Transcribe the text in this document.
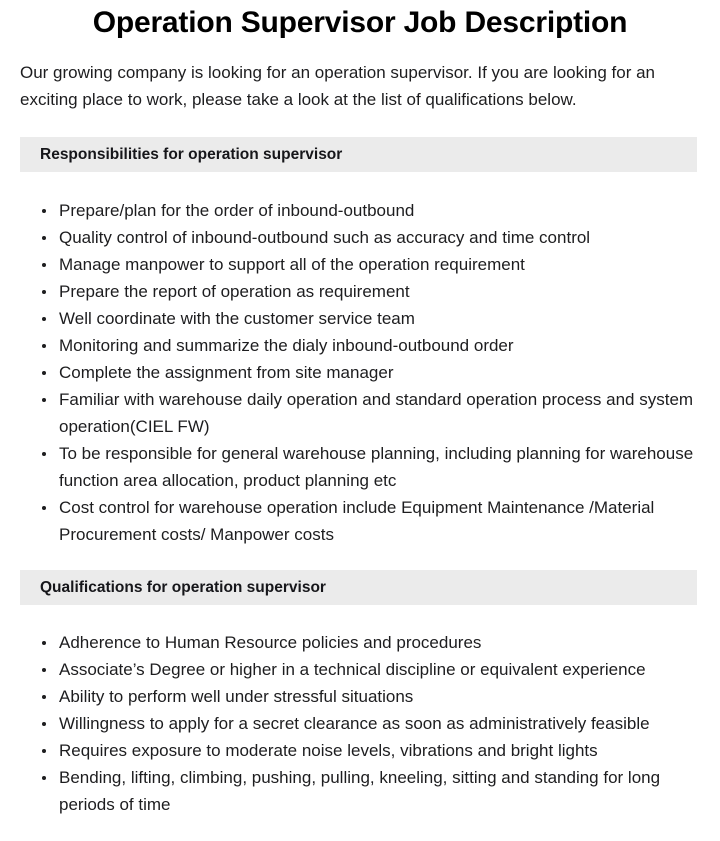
Operation Supervisor Job Description

Our growing company is looking for an operation supervisor. If you are looking for an exciting place to work, please take a look at the list of qualifications below.

Responsibilities for operation supervisor
Prepare/plan for the order of inbound-outbound
Quality control of inbound-outbound such as accuracy and time control
Manage manpower to support all of the operation requirement
Prepare the report of operation as requirement
Well coordinate with the customer service team
Monitoring and summarize the dialy inbound-outbound order
Complete the assignment from site manager
Familiar with warehouse daily operation and standard operation process and system operation(CIEL FW)
To be responsible for general warehouse planning, including planning for warehouse function area allocation, product planning etc
Cost control for warehouse operation include Equipment Maintenance /Material Procurement costs/ Manpower costs
Qualifications for operation supervisor
Adherence to Human Resource policies and procedures
Associate’s Degree or higher in a technical discipline or equivalent experience
Ability to perform well under stressful situations
Willingness to apply for a secret clearance as soon as administratively feasible
Requires exposure to moderate noise levels, vibrations and bright lights
Bending, lifting, climbing, pushing, pulling, kneeling, sitting and standing for long periods of time
